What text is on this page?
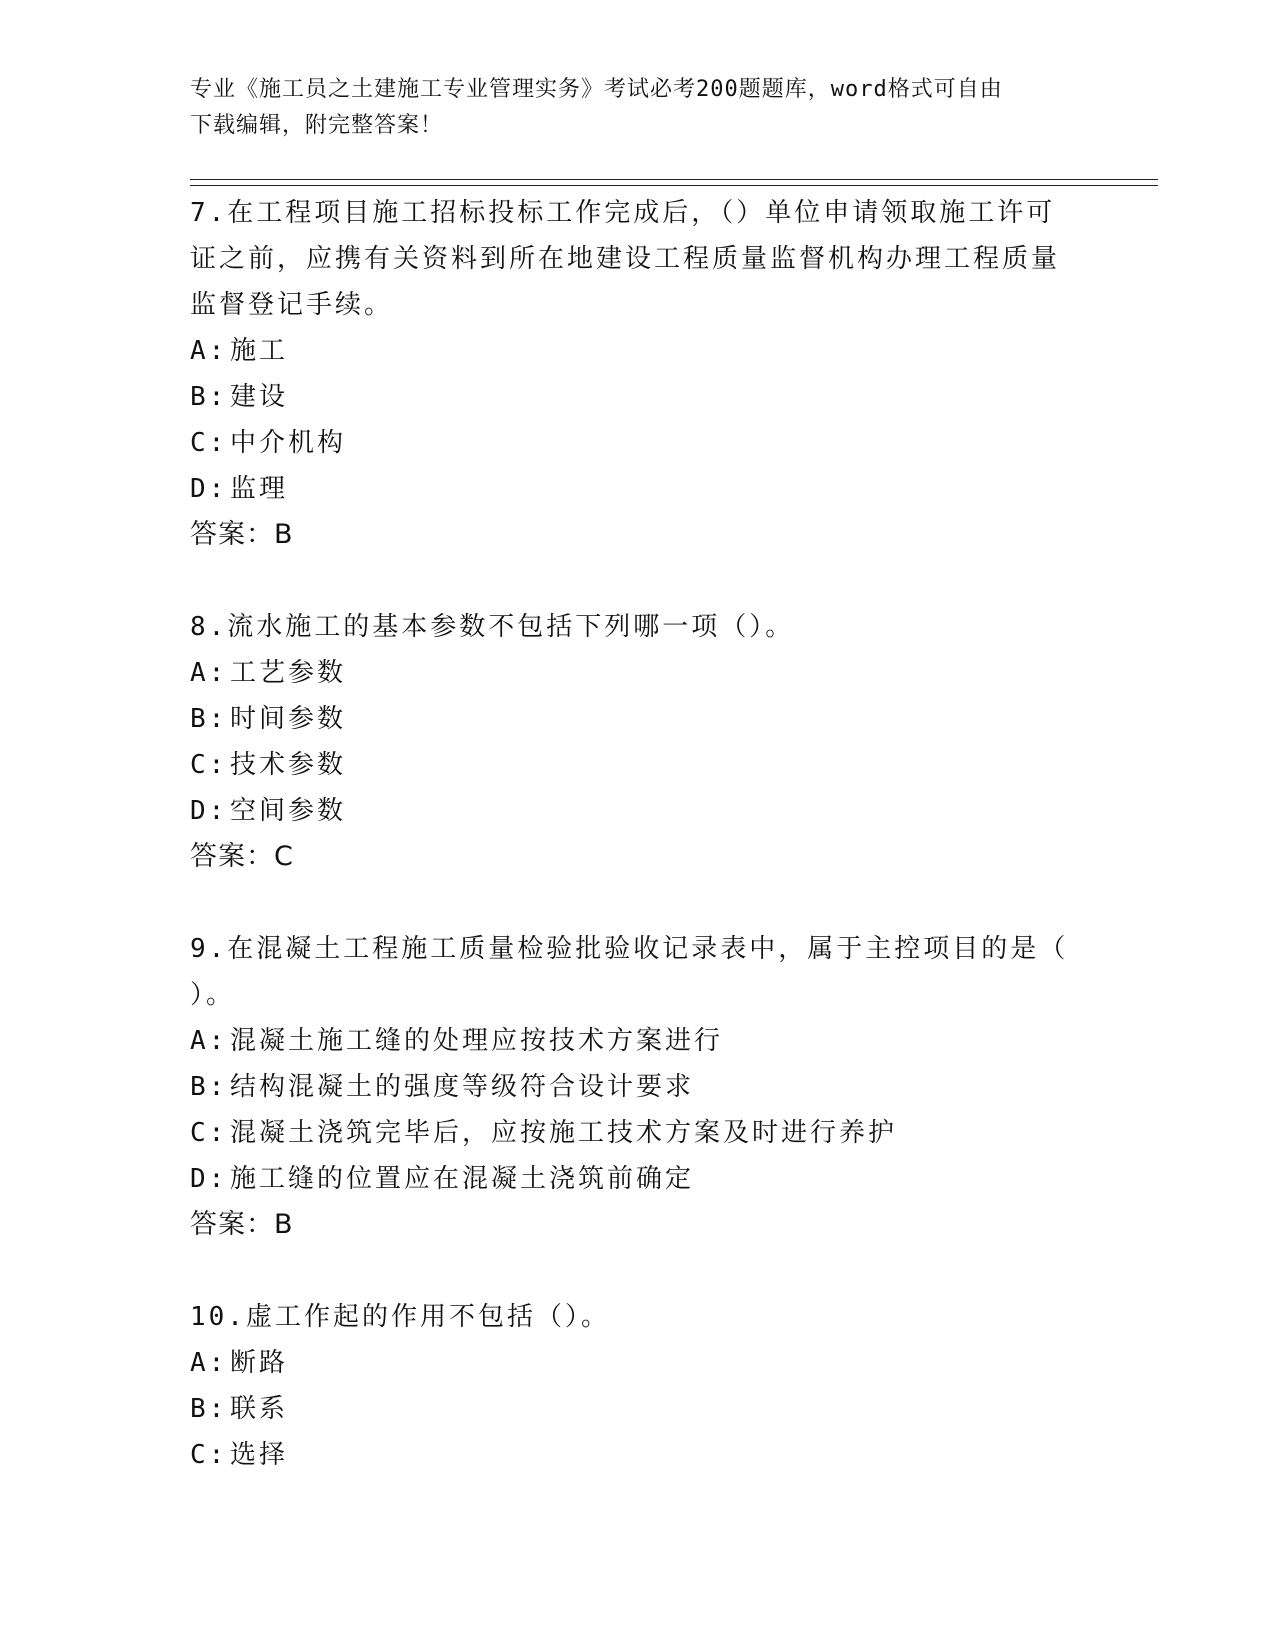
专业《施工员之土建施工专业管理实务》考试必考200题题库，word格式可自由
下载编辑，附完整答案！
7.在工程项目施工招标投标工作完成后，（）单位申请领取施工许可
证之前，应携有关资料到所在地建设工程质量监督机构办理工程质量
监督登记手续。
A: 施工
B: 建设
C: 中介机构
D: 监理
答案：B
8.流水施工的基本参数不包括下列哪一项（）。
A: 工艺参数
B: 时间参数
C: 技术参数
D: 空间参数
答案：C
9.在混凝土工程施工质量检验批验收记录表中，属于主控项目的是（
）。
A: 混凝土施工缝的处理应按技术方案进行
B: 结构混凝土的强度等级符合设计要求
C: 混凝土浇筑完毕后，应按施工技术方案及时进行养护
D: 施工缝的位置应在混凝土浇筑前确定
答案：B
10.虚工作起的作用不包括（）。
A: 断路
B: 联系
C: 选择
